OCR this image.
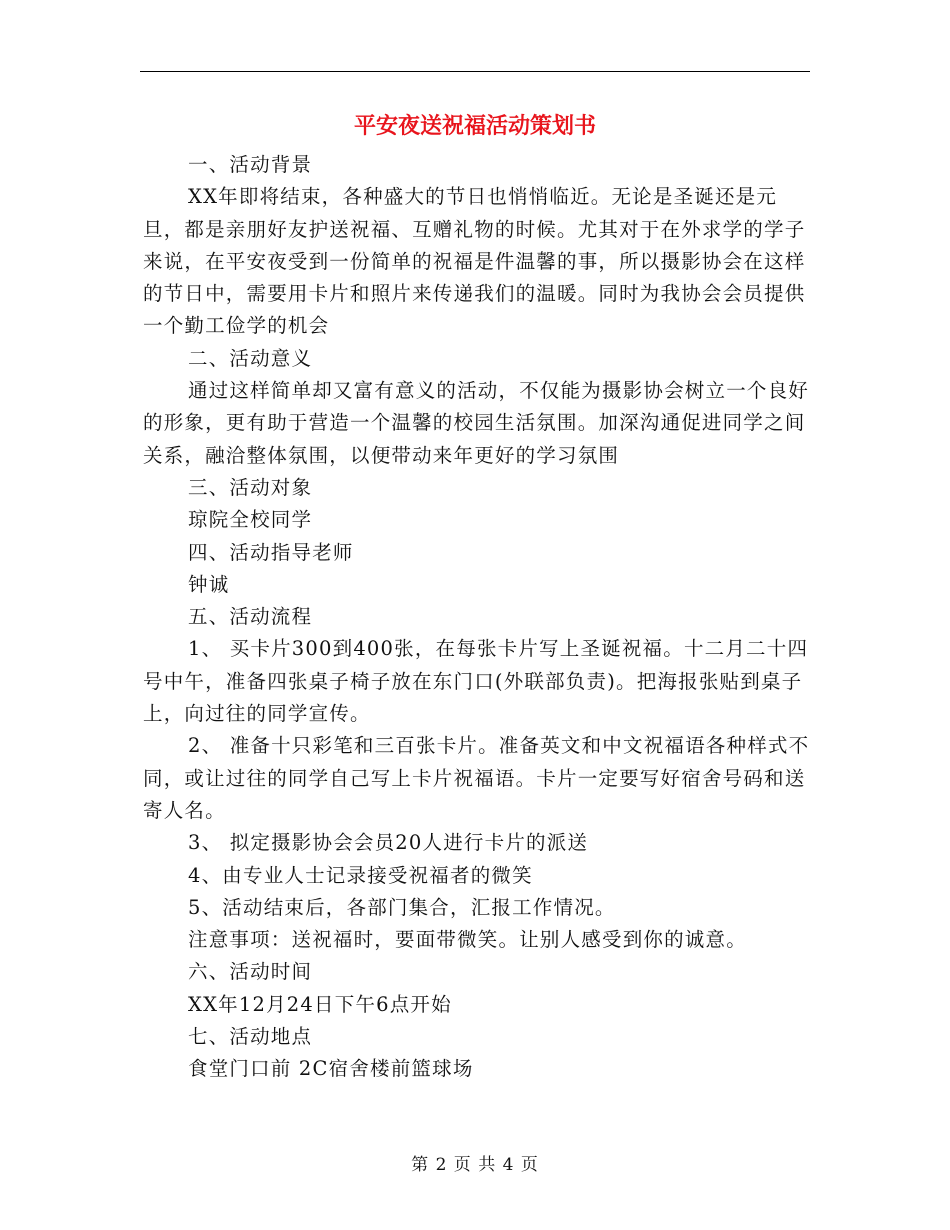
平安夜送祝福活动策划书

一、活动背景

XX年即将结束，各种盛大的节日也悄悄临近。无论是圣诞还是元旦，都是亲朋好友护送祝福、互赠礼物的时候。尤其对于在外求学的学子来说，在平安夜受到一份简单的祝福是件温馨的事，所以摄影协会在这样的节日中，需要用卡片和照片来传递我们的温暖。同时为我协会会员提供一个勤工俭学的机会

二、活动意义

通过这样简单却又富有意义的活动，不仅能为摄影协会树立一个良好的形象，更有助于营造一个温馨的校园生活氛围。加深沟通促进同学之间关系，融洽整体氛围，以便带动来年更好的学习氛围

三、活动对象

琼院全校同学

四、活动指导老师

钟诚

五、活动流程

1、 买卡片300到400张，在每张卡片写上圣诞祝福。十二月二十四号中午，准备四张桌子椅子放在东门口(外联部负责)。把海报张贴到桌子上，向过往的同学宣传。

2、 准备十只彩笔和三百张卡片。准备英文和中文祝福语各种样式不同，或让过往的同学自己写上卡片祝福语。卡片一定要写好宿舍号码和送寄人名。

3、 拟定摄影协会会员20人进行卡片的派送

4、由专业人士记录接受祝福者的微笑

5、活动结束后，各部门集合，汇报工作情况。

注意事项：送祝福时，要面带微笑。让别人感受到你的诚意。

六、活动时间

XX年12月24日下午6点开始

七、活动地点

食堂门口前 2C宿舍楼前篮球场

第 2 页 共 4 页
